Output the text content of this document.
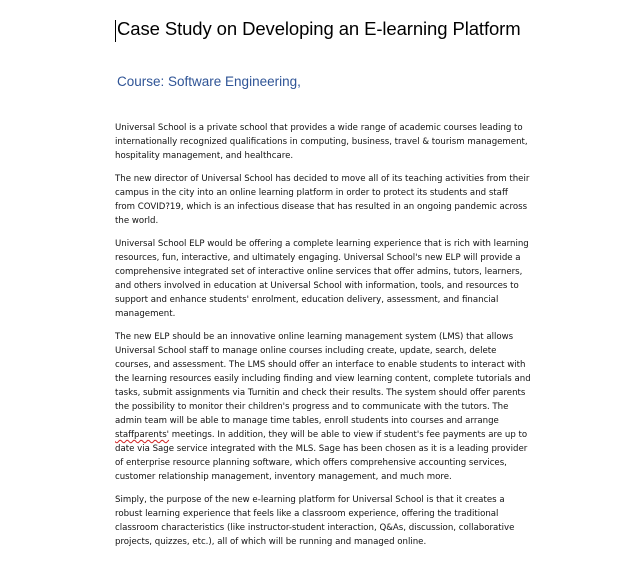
Case Study on Developing an E-learning Platform
Course: Software Engineering,

Universal School is a private school that provides a wide range of academic courses leading to
internationally recognized qualifications in computing, business, travel & tourism management,
hospitality management, and healthcare.

The new director of Universal School has decided to move all of its teaching activities from their
campus in the city into an online learning platform in order to protect its students and staff
from COVID?19, which is an infectious disease that has resulted in an ongoing pandemic across
the world.

Universal School ELP would be offering a complete learning experience that is rich with learning
resources, fun, interactive, and ultimately engaging. Universal School's new ELP will provide a
comprehensive integrated set of interactive online services that offer admins, tutors, learners,
and others involved in education at Universal School with information, tools, and resources to
support and enhance students' enrolment, education delivery, assessment, and financial
management.

The new ELP should be an innovative online learning management system (LMS) that allows
Universal School staff to manage online courses including create, update, search, delete
courses, and assessment. The LMS should offer an interface to enable students to interact with
the learning resources easily including finding and view learning content, complete tutorials and
tasks, submit assignments via Turnitin and check their results. The system should offer parents
the possibility to monitor their children's progress and to communicate with the tutors. The
admin team will be able to manage time tables, enroll students into courses and arrange
staffparents' meetings. In addition, they will be able to view if student's fee payments are up to
date via Sage service integrated with the MLS. Sage has been chosen as it is a leading provider
of enterprise resource planning software, which offers comprehensive accounting services,
customer relationship management, inventory management, and much more.

Simply, the purpose of the new e-learning platform for Universal School is that it creates a
robust learning experience that feels like a classroom experience, offering the traditional
classroom characteristics (like instructor-student interaction, Q&As, discussion, collaborative
projects, quizzes, etc.), all of which will be running and managed online.
